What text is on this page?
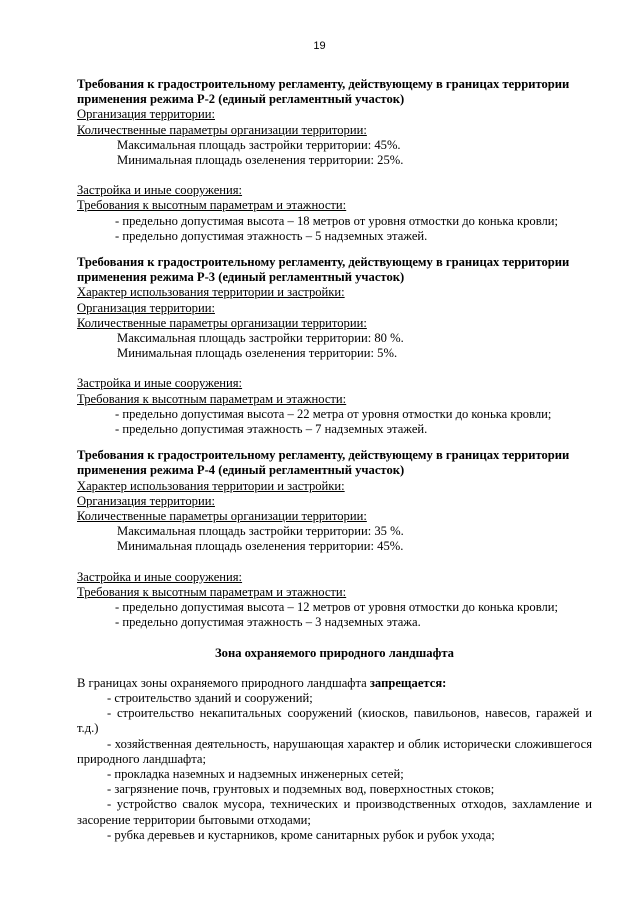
19

Требования к градостроительному регламенту, действующему в границах территории применения режима Р-2 (единый регламентный участок)

Организация территории:

Количественные параметры организации территории:

Максимальная площадь застройки территории: 45%.

Минимальная площадь озеленения территории: 25%.

Застройка и иные сооружения:

Требования к высотным параметрам и этажности:

- предельно допустимая высота – 18 метров от уровня отмостки до конька кровли;

- предельно допустимая этажность – 5 надземных этажей.

Требования к градостроительному регламенту, действующему в границах территории применения режима Р-3 (единый регламентный участок)

Характер использования территории и застройки:

Организация территории:

Количественные параметры организации территории:

Максимальная площадь застройки территории: 80 %.

Минимальная площадь озеленения территории: 5%.

Застройка и иные сооружения:

Требования к высотным параметрам и этажности:

- предельно допустимая высота – 22 метра от уровня отмостки до конька кровли;

- предельно допустимая этажность – 7 надземных этажей.

Требования к градостроительному регламенту, действующему в границах территории применения режима Р-4 (единый регламентный участок)

Характер использования территории и застройки:

Организация территории:

Количественные параметры организации территории:

Максимальная площадь застройки территории: 35 %.

Минимальная площадь озеленения территории: 45%.

Застройка и иные сооружения:

Требования к высотным параметрам и этажности:

- предельно допустимая высота – 12 метров от уровня отмостки до конька кровли;

- предельно допустимая этажность – 3 надземных этажа.

Зона охраняемого природного ландшафта

В границах зоны охраняемого природного ландшафта запрещается:

- строительство зданий и сооружений;

- строительство некапитальных сооружений (киосков, павильонов, навесов, гаражей и т.д.)

- хозяйственная деятельность, нарушающая характер и облик исторически сложившегося природного ландшафта;

- прокладка наземных и надземных инженерных сетей;

- загрязнение почв, грунтовых и подземных вод, поверхностных стоков;

- устройство свалок мусора, технических и производственных отходов, захламление и засорение территории бытовыми отходами;

- рубка деревьев и кустарников, кроме санитарных рубок и рубок ухода;
